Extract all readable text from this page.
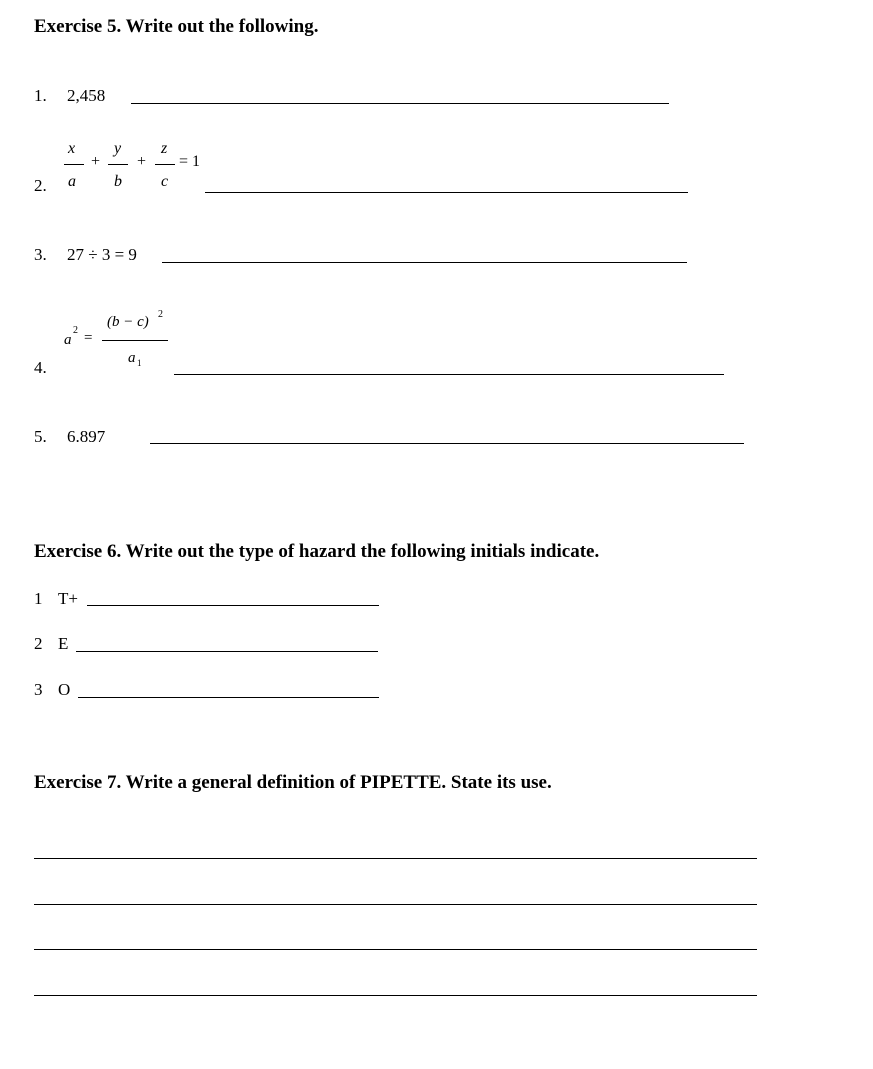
Exercise 5. Write out the following.
1. 2,458
2.
x
a
+
y
b
+
z
c
= 1
3. 27 ÷ 3 = 9
4.
a
2 =
(b − c) 2
a 1
5. 6.897
Exercise 6. Write out the type of hazard the following initials indicate.
1 T+
2 E
3 O
Exercise 7. Write a general definition of PIPETTE. State its use.
